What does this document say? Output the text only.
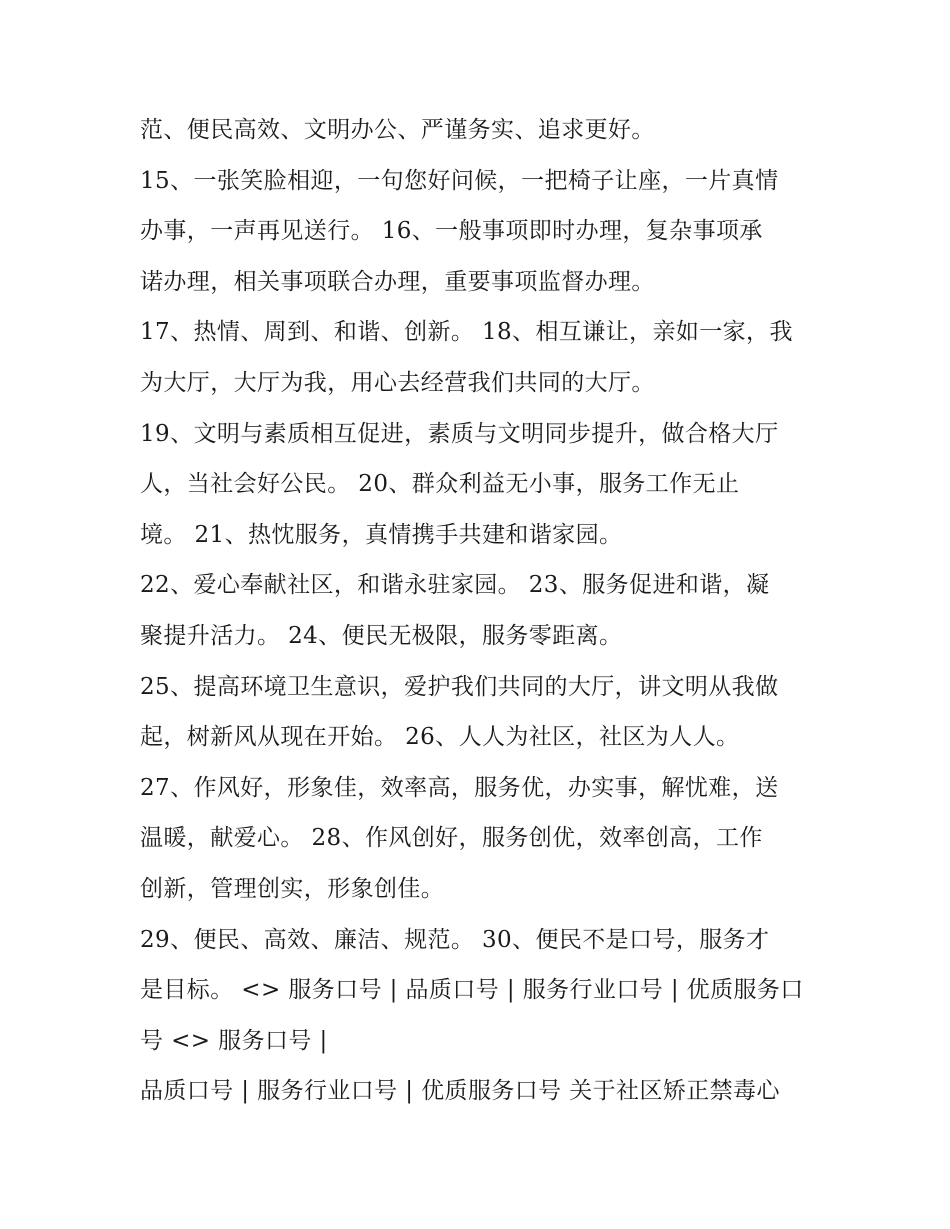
范、便民高效、文明办公、严谨务实、追求更好。
15、一张笑脸相迎，一句您好问候，一把椅子让座，一片真情
办事，一声再见送行。 16、一般事项即时办理，复杂事项承
诺办理，相关事项联合办理，重要事项监督办理。
17、热情、周到、和谐、创新。 18、相互谦让，亲如一家，我
为大厅，大厅为我，用心去经营我们共同的大厅。
19、文明与素质相互促进，素质与文明同步提升，做合格大厅
人，当社会好公民。 20、群众利益无小事，服务工作无止
境。 21、热忱服务，真情携手共建和谐家园。
22、爱心奉献社区，和谐永驻家园。 23、服务促进和谐，凝
聚提升活力。 24、便民无极限，服务零距离。
25、提高环境卫生意识，爱护我们共同的大厅，讲文明从我做
起，树新风从现在开始。 26、人人为社区，社区为人人。
27、作风好，形象佳，效率高，服务优，办实事，解忧难，送
温暖，献爱心。 28、作风创好，服务创优，效率创高，工作
创新，管理创实，形象创佳。
29、便民、高效、廉洁、规范。 30、便民不是口号，服务才
是目标。 <> 服务口号 | 品质口号 | 服务行业口号 | 优质服务口
号 <> 服务口号 |
品质口号 | 服务行业口号 | 优质服务口号 关于社区矫正禁毒心
